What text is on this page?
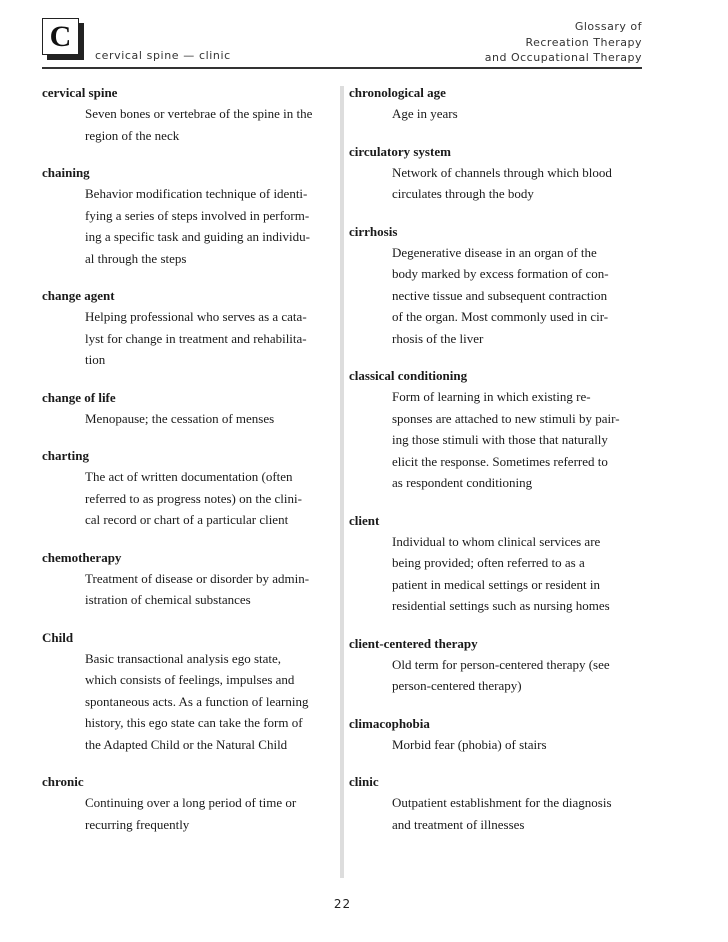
C
cervical spine — clinic
Glossary of
Recreation Therapy
and Occupational Therapy
cervical spine
Seven bones or vertebrae of the spine in the
region of the neck
chaining
Behavior modification technique of identi-
fying a series of steps involved in perform-
ing a specific task and guiding an individu-
al through the steps
change agent
Helping professional who serves as a cata-
lyst for change in treatment and rehabilita-
tion
change of life
Menopause; the cessation of menses
charting
The act of written documentation (often
referred to as progress notes) on the clini-
cal record or chart of a particular client
chemotherapy
Treatment of disease or disorder by admin-
istration of chemical substances
Child
Basic transactional analysis ego state,
which consists of feelings, impulses and
spontaneous acts. As a function of learning
history, this ego state can take the form of
the Adapted Child or the Natural Child
chronic
Continuing over a long period of time or
recurring frequently
chronological age
Age in years
circulatory system
Network of channels through which blood
circulates through the body
cirrhosis
Degenerative disease in an organ of the
body marked by excess formation of con-
nective tissue and subsequent contraction
of the organ. Most commonly used in cir-
rhosis of the liver
classical conditioning
Form of learning in which existing re-
sponses are attached to new stimuli by pair-
ing those stimuli with those that naturally
elicit the response. Sometimes referred to
as respondent conditioning
client
Individual to whom clinical services are
being provided; often referred to as a
patient in medical settings or resident in
residential settings such as nursing homes
client-centered therapy
Old term for person-centered therapy (see
person-centered therapy)
climacophobia
Morbid fear (phobia) of stairs
clinic
Outpatient establishment for the diagnosis
and treatment of illnesses
22
